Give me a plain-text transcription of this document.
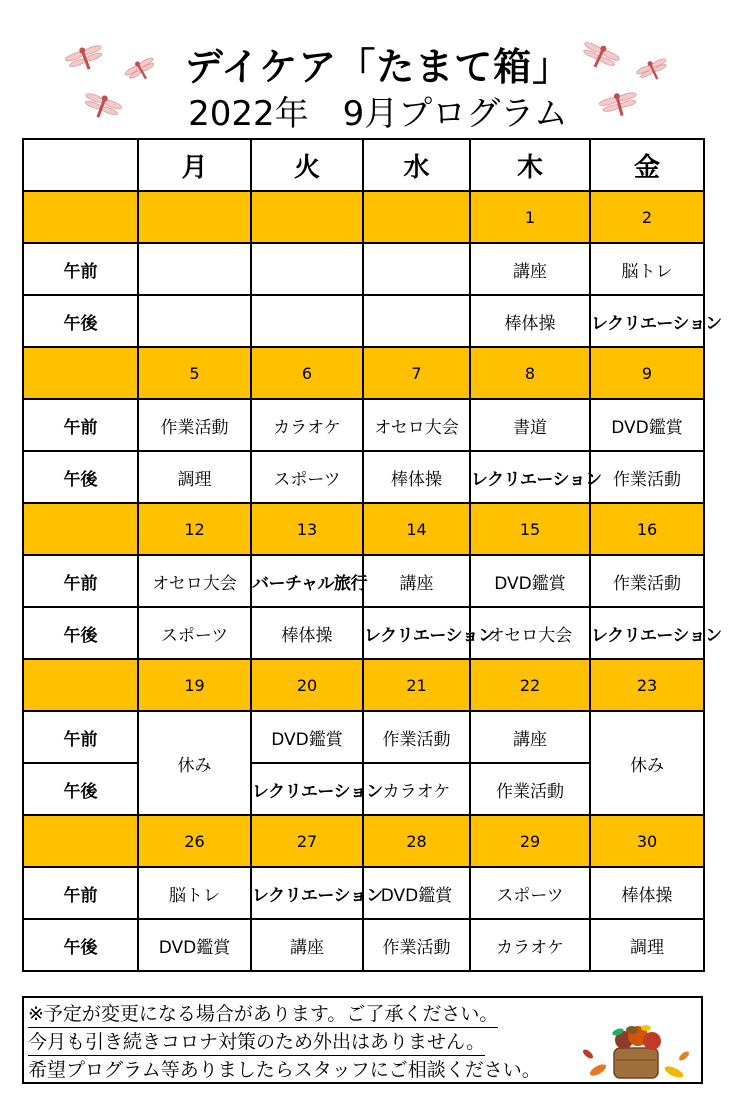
デイケア「たまて箱」
2022年　9月プログラム
	月	火	水	木	金
				1	2
午前				講座	脳トレ
午後				棒体操	レクリエーション
	5	6	7	8	9
午前	作業活動	カラオケ	オセロ大会	書道	DVD鑑賞
午後	調理	スポーツ	棒体操	レクリエーション	作業活動
	12	13	14	15	16
午前	オセロ大会	バーチャル旅行	講座	DVD鑑賞	作業活動
午後	スポーツ	棒体操	レクリエーション	オセロ大会	レクリエーション
	19	20	21	22	23
午前	休み	DVD鑑賞	作業活動	講座	休み
午後		レクリエーション	カラオケ	作業活動	
	26	27	28	29	30
午前	脳トレ	レクリエーション	DVD鑑賞	スポーツ	棒体操
午後	DVD鑑賞	講座	作業活動	カラオケ	調理
※予定が変更になる場合があります。ご了承ください。
今月も引き続きコロナ対策のため外出はありません。
希望プログラム等ありましたらスタッフにご相談ください。
